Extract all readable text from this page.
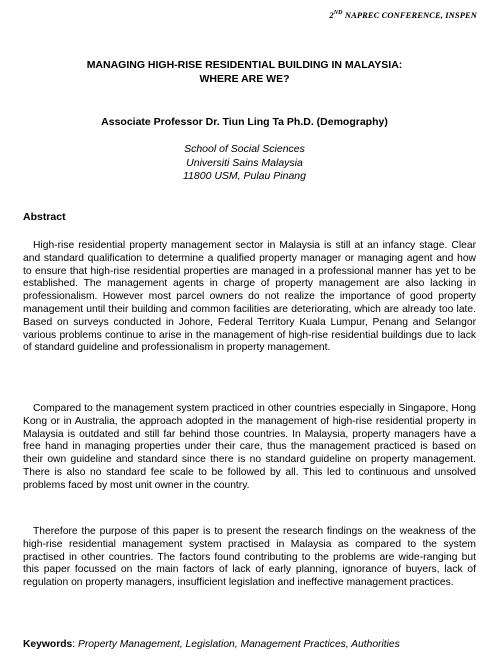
2ND NAPREC CONFERENCE, INSPEN
MANAGING HIGH-RISE RESIDENTIAL BUILDING IN MALAYSIA:
WHERE ARE WE?
Associate Professor Dr. Tiun Ling Ta Ph.D. (Demography)
School of Social Sciences
Universiti Sains Malaysia
11800 USM, Pulau Pinang
Abstract
High-rise residential property management sector in Malaysia is still at an infancy stage. Clear and standard qualification to determine a qualified property manager or managing agent and how to ensure that high-rise residential properties are managed in a professional manner has yet to be established. The management agents in charge of property management are also lacking in professionalism. However most parcel owners do not realize the importance of good property management until their building and common facilities are deteriorating, which are already too late. Based on surveys conducted in Johore, Federal Territory Kuala Lumpur, Penang and Selangor various problems continue to arise in the management of high-rise residential buildings due to lack of standard guideline and professionalism in property management.
Compared to the management system practiced in other countries especially in Singapore, Hong Kong or in Australia, the approach adopted in the management of high-rise residential property in Malaysia is outdated and still far behind those countries. In Malaysia, property managers have a free hand in managing properties under their care, thus the management practiced is based on their own guideline and standard since there is no standard guideline on property management. There is also no standard fee scale to be followed by all. This led to continuous and unsolved problems faced by most unit owner in the country.
Therefore the purpose of this paper is to present the research findings on the weakness of the high-rise residential management system practised in Malaysia as compared to the system practised in other countries. The factors found contributing to the problems are wide-ranging but this paper focussed on the main factors of lack of early planning, ignorance of buyers, lack of regulation on property managers, insufficient legislation and ineffective management practices.
Keywords: Property Management, Legislation, Management Practices, Authorities
